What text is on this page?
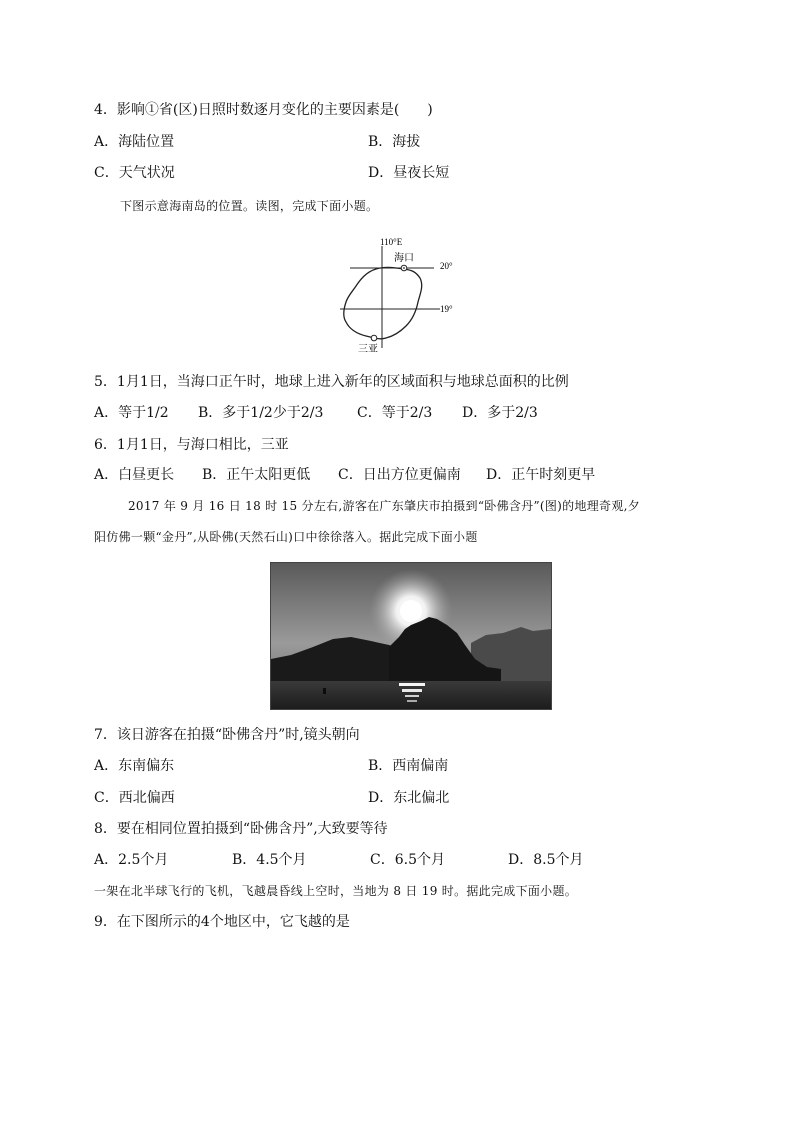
4．影响①省(区)日照时数逐月变化的主要因素是(　　)
A．海陆位置	B．海拔
C．天气状况	D．昼夜长短
下图示意海南岛的位置。读图，完成下面小题。
110°E
海口
20°
19°
三亚
5．1月1日，当海口正午时，地球上进入新年的区域面积与地球总面积的比例
A．等于1/2 B．多于1/2少于2/3 C．等于2/3 D．多于2/3
6．1月1日，与海口相比，三亚
A．白昼更长 B．正午太阳更低 C．日出方位更偏南 D．正午时刻更早
2017 年 9 月 16 日 18 时 15 分左右,游客在广东肇庆市拍摄到“卧佛含丹”(图)的地理奇观,夕
阳仿佛一颗“金丹”,从卧佛(天然石山)口中徐徐落入。据此完成下面小题
7．该日游客在拍摄“卧佛含丹”时,镜头朝向
A．东南偏东	B．西南偏南
C．西北偏西	D．东北偏北
8．要在相同位置拍摄到“卧佛含丹”,大致要等待
A．2.5个月	B．4.5个月	C．6.5个月	D．8.5个月
一架在北半球飞行的飞机，飞越晨昏线上空时，当地为 8 日 19 时。据此完成下面小题。
9．在下图所示的4个地区中，它飞越的是
